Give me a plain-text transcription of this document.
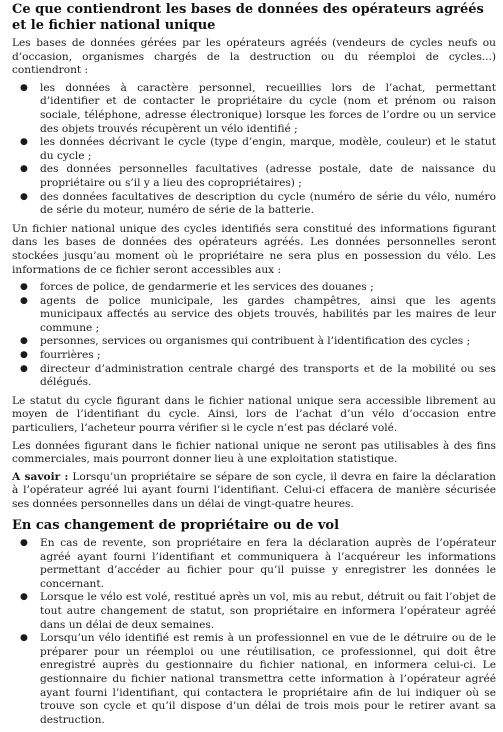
Ce que contiendront les bases de données des opérateurs agréés et le fichier national unique

Les bases de données gérées par les opérateurs agréés (vendeurs de cycles neufs ou d’occasion, organismes chargés de la destruction ou du réemploi de cycles...) contiendront :

● les données à caractère personnel, recueillies lors de l’achat, permettant d’identifier et de contacter le propriétaire du cycle (nom et prénom ou raison sociale, téléphone, adresse électronique) lorsque les forces de l’ordre ou un service des objets trouvés récupèrent un vélo identifié ;
● les données décrivant le cycle (type d’engin, marque, modèle, couleur) et le statut du cycle ;
● des données personnelles facultatives (adresse postale, date de naissance du propriétaire ou s’il y a lieu des copropriétaires) ;
● des données facultatives de description du cycle (numéro de série du vélo, numéro de série du moteur, numéro de série de la batterie.

Un fichier national unique des cycles identifiés sera constitué des informations figurant dans les bases de données des opérateurs agréés. Les données personnelles seront stockées jusqu’au moment où le propriétaire ne sera plus en possession du vélo. Les informations de ce fichier seront accessibles aux :

● forces de police, de gendarmerie et les services des douanes ;
● agents de police municipale, les gardes champêtres, ainsi que les agents municipaux affectés au service des objets trouvés, habilités par les maires de leur commune ;
● personnes, services ou organismes qui contribuent à l’identification des cycles ;
● fourrières ;
● directeur d’administration centrale chargé des transports et de la mobilité ou ses délégués.

Le statut du cycle figurant dans le fichier national unique sera accessible librement au moyen de l’identifiant du cycle. Ainsi, lors de l’achat d’un vélo d’occasion entre particuliers, l’acheteur pourra vérifier si le cycle n’est pas déclaré volé.

Les données figurant dans le fichier national unique ne seront pas utilisables à des fins commerciales, mais pourront donner lieu à une exploitation statistique.

A savoir : Lorsqu’un propriétaire se sépare de son cycle, il devra en faire la déclaration à l’opérateur agréé lui ayant fourni l’identifiant. Celui-ci effacera de manière sécurisée ses données personnelles dans un délai de vingt-quatre heures.

En cas changement de propriétaire ou de vol
● En cas de revente, son propriétaire en fera la déclaration auprès de l’opérateur agréé ayant fourni l’identifiant et communiquera à l’acquéreur les informations permettant d’accéder au fichier pour qu’il puisse y enregistrer les données le concernant.
● Lorsque le vélo est volé, restitué après un vol, mis au rebut, détruit ou fait l’objet de tout autre changement de statut, son propriétaire en informera l’opérateur agréé dans un délai de deux semaines.
● Lorsqu’un vélo identifié est remis à un professionnel en vue de le détruire ou de le préparer pour un réemploi ou une réutilisation, ce professionnel, qui doit être enregistré auprès du gestionnaire du fichier national, en informera celui-ci. Le gestionnaire du fichier national transmettra cette information à l’opérateur agréé ayant fourni l’identifiant, qui contactera le propriétaire afin de lui indiquer où se trouve son cycle et qu’il dispose d’un délai de trois mois pour le retirer avant sa destruction.
